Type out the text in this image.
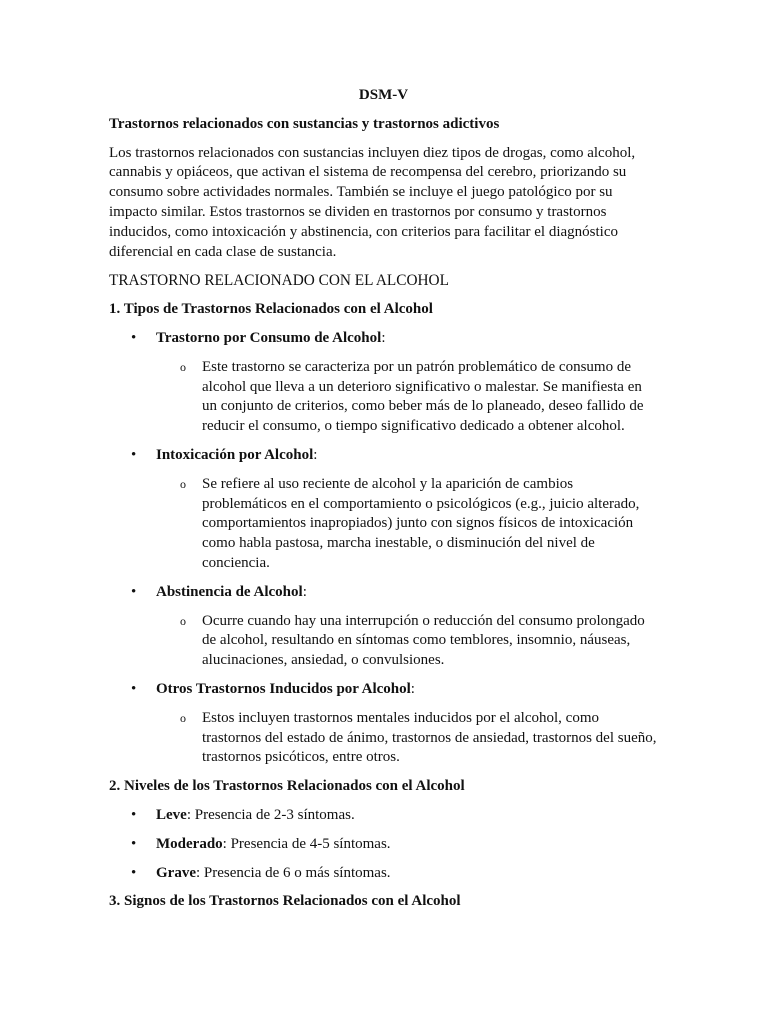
DSM-V
Trastornos relacionados con sustancias y trastornos adictivos

Los trastornos relacionados con sustancias incluyen diez tipos de drogas, como alcohol, cannabis y opiáceos, que activan el sistema de recompensa del cerebro, priorizando su consumo sobre actividades normales. También se incluye el juego patológico por su impacto similar. Estos trastornos se dividen en trastornos por consumo y trastornos inducidos, como intoxicación y abstinencia, con criterios para facilitar el diagnóstico diferencial en cada clase de sustancia.

TRASTORNO RELACIONADO CON EL ALCOHOL
1. Tipos de Trastornos Relacionados con el Alcohol
• Trastorno por Consumo de Alcohol:
o Este trastorno se caracteriza por un patrón problemático de consumo de alcohol que lleva a un deterioro significativo o malestar. Se manifiesta en un conjunto de criterios, como beber más de lo planeado, deseo fallido de reducir el consumo, o tiempo significativo dedicado a obtener alcohol.
• Intoxicación por Alcohol:
o Se refiere al uso reciente de alcohol y la aparición de cambios problemáticos en el comportamiento o psicológicos (e.g., juicio alterado, comportamientos inapropiados) junto con signos físicos de intoxicación como habla pastosa, marcha inestable, o disminución del nivel de conciencia.
• Abstinencia de Alcohol:
o Ocurre cuando hay una interrupción o reducción del consumo prolongado de alcohol, resultando en síntomas como temblores, insomnio, náuseas, alucinaciones, ansiedad, o convulsiones.
• Otros Trastornos Inducidos por Alcohol:
o Estos incluyen trastornos mentales inducidos por el alcohol, como trastornos del estado de ánimo, trastornos de ansiedad, trastornos del sueño, trastornos psicóticos, entre otros.
2. Niveles de los Trastornos Relacionados con el Alcohol
• Leve: Presencia de 2-3 síntomas.
• Moderado: Presencia de 4-5 síntomas.
• Grave: Presencia de 6 o más síntomas.
3. Signos de los Trastornos Relacionados con el Alcohol
